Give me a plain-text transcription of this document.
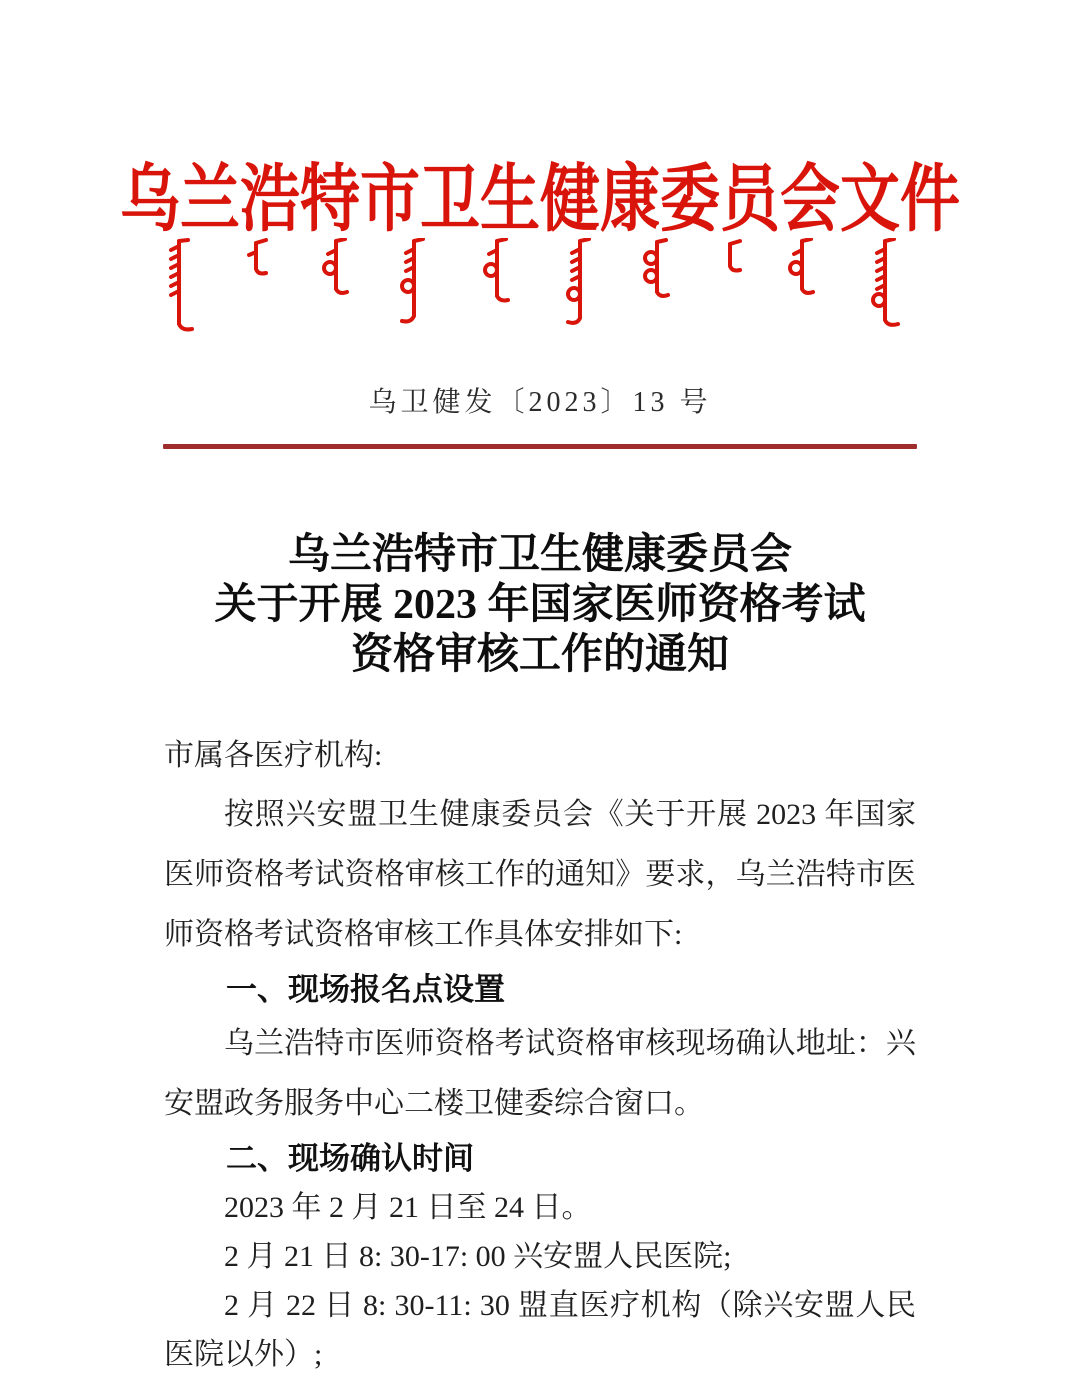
乌兰浩特市卫生健康委员会文件
乌卫健发〔2023〕13 号
乌兰浩特市卫生健康委员会
关于开展 2023 年国家医师资格考试
资格审核工作的通知

市属各医疗机构:

按照兴安盟卫生健康委员会《关于开展 2023 年国家医师资格考试资格审核工作的通知》要求，乌兰浩特市医师资格考试资格审核工作具体安排如下:

一、现场报名点设置

乌兰浩特市医师资格考试资格审核现场确认地址：兴安盟政务服务中心二楼卫健委综合窗口。

二、现场确认时间

2023 年 2 月 21 日至 24 日。

2 月 21 日 8: 30-17: 00 兴安盟人民医院;

2 月 22 日 8: 30-11: 30 盟直医疗机构（除兴安盟人民医院以外）;
